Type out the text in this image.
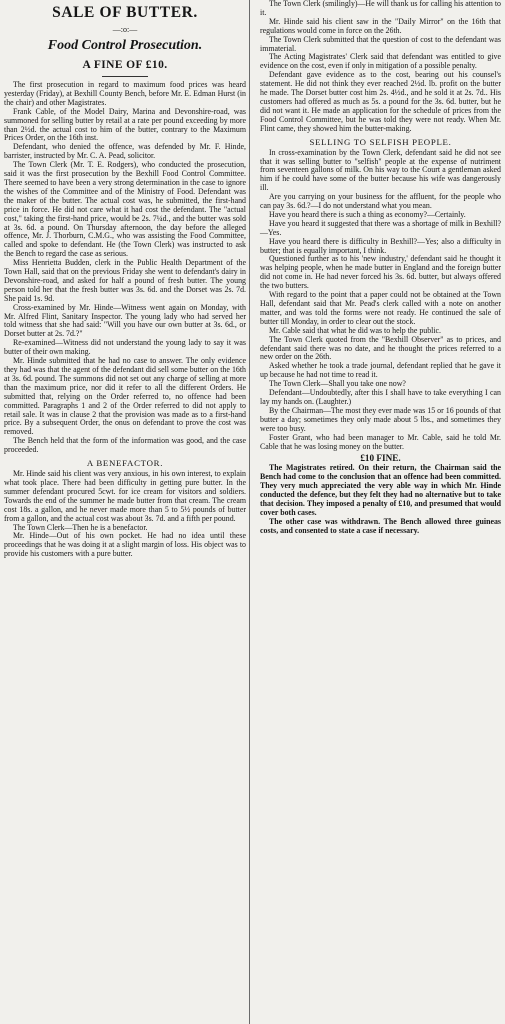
SALE OF BUTTER.
—:o:—
Food Control Prosecution.
A FINE OF £10.

The first prosecution in regard to maximum food prices was heard yesterday (Friday), at Bexhill County Bench, before Mr. E. Edman Hurst (in the chair) and other Magistrates.

Frank Cable, of the Model Dairy, Marina and Devonshire-road, was summoned for selling butter by retail at a rate per pound exceeding by more than 2½d. the actual cost to him of the butter, contrary to the Maximum Prices Order, on the 16th inst.

Defendant, who denied the offence, was defended by Mr. F. Hinde, barrister, instructed by Mr. C. A. Pead, solicitor.

The Town Clerk (Mr. T. E. Rodgers), who conducted the prosecution, said it was the first prosecution by the Bexhill Food Control Committee. There seemed to have been a very strong determination in the case to ignore the wishes of the Committee and of the Ministry of Food. Defendant was the maker of the butter. The actual cost was, he submitted, the first-hand price in force. He did not care what it had cost the defendant. The "actual cost," taking the first-hand price, would be 2s. 7¼d., and the butter was sold at 3s. 6d. a pound. On Thursday afternoon, the day before the alleged offence, Mr. J. Thorburn, C.M.G., who was assisting the Food Committee, called and spoke to defendant. He (the Town Clerk) was instructed to ask the Bench to regard the case as serious.

Miss Henrietta Budden, clerk in the Public Health Department of the Town Hall, said that on the previous Friday she went to defendant's dairy in Devonshire-road, and asked for half a pound of fresh butter. The young person told her that the fresh butter was 3s. 6d. and the Dorset was 2s. 7d. She paid 1s. 9d.

Cross-examined by Mr. Hinde—Witness went again on Monday, with Mr. Alfred Flint, Sanitary Inspector. The young lady who had served her told witness that she had said: "Will you have our own butter at 3s. 6d., or Dorset butter at 2s. 7d.?"

Re-examined—Witness did not understand the young lady to say it was butter of their own making.

Mr. Hinde submitted that he had no case to answer. The only evidence they had was that the agent of the defendant did sell some butter on the 16th at 3s. 6d. pound. The summons did not set out any charge of selling at more than the maximum price, nor did it refer to all the different Orders. He submitted that, relying on the Order referred to, no offence had been committed. Paragraphs 1 and 2 of the Order referred to did not apply to retail sale. It was in clause 2 that the provision was made as to a first-hand price. By a subsequent Order, the onus on defendant to prove the cost was removed.

The Bench held that the form of the information was good, and the case proceeded.

A BENEFACTOR.

Mr. Hinde said his client was very anxious, in his own interest, to explain what took place. There had been difficulty in getting pure butter. In the summer defendant procured 5cwt. for ice cream for visitors and soldiers. Towards the end of the summer he made butter from that cream. The cream cost 18s. a gallon, and he never made more than 5 to 5½ pounds of butter from a gallon, and the actual cost was about 3s. 7d. and a fifth per pound.

The Town Clerk—Then he is a benefactor.

Mr. Hinde—Out of his own pocket. He had no idea until these proceedings that he was doing it at a slight margin of loss. His object was to provide his customers with a pure butter.

The Town Clerk (smilingly)—He will thank us for calling his attention to it.

Mr. Hinde said his client saw in the "Daily Mirror" on the 16th that regulations would come in force on the 26th.

The Town Clerk submitted that the question of cost to the defendant was immaterial.

The Acting Magistrates' Clerk said that defendant was entitled to give evidence on the cost, even if only in mitigation of a possible penalty.

Defendant gave evidence as to the cost, bearing out his counsel's statement. He did not think they ever reached 2½d. lb. profit on the butter he made. The Dorset butter cost him 2s. 4½d., and he sold it at 2s. 7d.. His customers had offered as much as 5s. a pound for the 3s. 6d. butter, but he did not want it. He made an application for the schedule of prices from the Food Control Committee, but he was told they were not ready. When Mr. Flint came, they showed him the butter-making.

SELLING TO SELFISH PEOPLE.

In cross-examination by the Town Clerk, defendant said he did not see that it was selling butter to "selfish" people at the expense of nutriment from seventeen gallons of milk. On his way to the Court a gentleman asked him if he could have some of the butter because his wife was dangerously ill.

Are you carrying on your business for the affluent, for the people who can pay 3s. 6d.?—I do not understand what you mean.

Have you heard there is such a thing as economy?—Certainly.

Have you heard it suggested that there was a shortage of milk in Bexhill?—Yes.

Have you heard there is difficulty in Bexhill?—Yes; also a difficulty in butter; that is equally important, I think.

Questioned further as to his 'new industry,' defendant said he thought it was helping people, when he made butter in England and the foreign butter did not come in. He had never forced his 3s. 6d. butter, but always offered the two butters.

With regard to the point that a paper could not be obtained at the Town Hall, defendant said that Mr. Pead's clerk called with a note on another matter, and was told the forms were not ready. He continued the sale of butter till Monday, in order to clear out the stock.

Mr. Cable said that what he did was to help the public.

The Town Clerk quoted from the "Bexhill Observer" as to prices, and defendant said there was no date, and he thought the prices referred to a new order on the 26th.

Asked whether he took a trade journal, defendant replied that he gave it up because he had not time to read it.

The Town Clerk—Shall you take one now?

Defendant—Undoubtedly, after this I shall have to take everything I can lay my hands on. (Laughter.)

By the Chairman—The most they ever made was 15 or 16 pounds of that butter a day; sometimes they only made about 5 lbs., and sometimes they were too busy.

Foster Grant, who had been manager to Mr. Cable, said he told Mr. Cable that he was losing money on the butter.

£10 FINE.

The Magistrates retired. On their return, the Chairman said the Bench had come to the conclusion that an offence had been committed. They very much appreciated the very able way in which Mr. Hinde conducted the defence, but they felt they had no alternative but to take that decision. They imposed a penalty of £10, and presumed that would cover both cases.

The other case was withdrawn. The Bench allowed three guineas costs, and consented to state a case if necessary.
